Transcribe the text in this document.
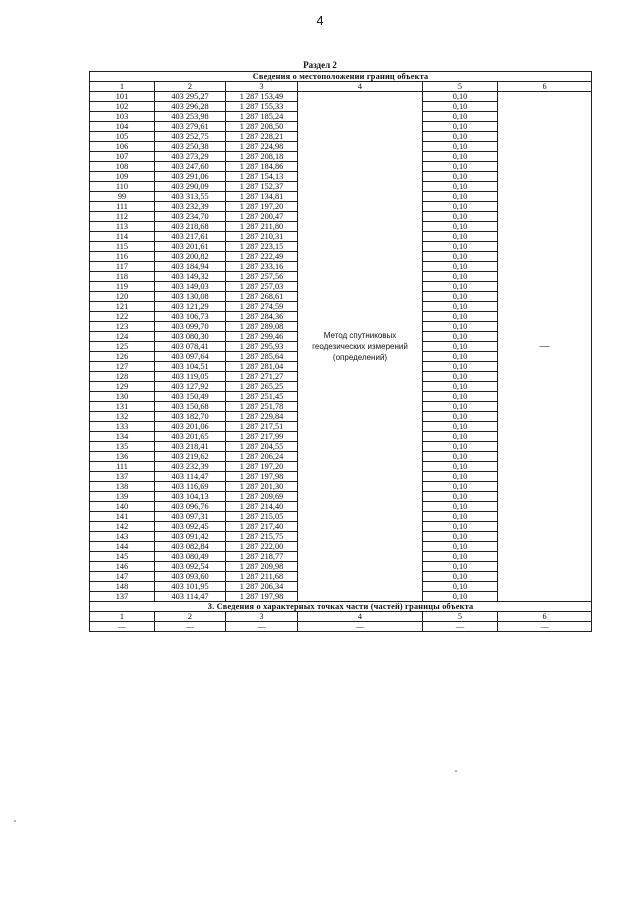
4
Раздел 2
Сведения о местоположении границ объекта					
1	2	3	4	5	6
101	403 295,27	1 287 153,49	Метод спутниковых геодезических измерений (определений)	0,10	—
102	403 296,28	1 287 155,33		0,10	
103	403 253,98	1 287 185,24		0,10	
104	403 279,61	1 287 208,50		0,10	
105	403 252,75	1 287 228,21		0,10	
106	403 250,38	1 287 224,98		0,10	
107	403 273,29	1 287 208,18		0,10	
108	403 247,60	1 287 184,86		0,10	
109	403 291,06	1 287 154,13		0,10	
110	403 290,09	1 287 152,37		0,10	
99	403 313,55	1 287 134,81		0,10	
111	403 232,39	1 287 197,20		0,10	
112	403 234,70	1 287 200,47		0,10	
113	403 218,68	1 287 211,80		0,10	
114	403 217,61	1 287 210,31		0,10	
115	403 201,61	1 287 223,15		0,10	
116	403 200,82	1 287 222,49		0,10	
117	403 184,94	1 287 233,16		0,10	
118	403 149,32	1 287 257,56		0,10	
119	403 149,03	1 287 257,03		0,10	
120	403 130,08	1 287 268,61		0,10	
121	403 121,29	1 287 274,59		0,10	
122	403 106,73	1 287 284,36		0,10	
123	403 099,70	1 287 289,08		0,10	
124	403 080,30	1 287 299,46		0,10	
125	403 078,41	1 287 295,93		0,10	
126	403 097,64	1 287 285,64		0,10	
127	403 104,51	1 287 281,04		0,10	
128	403 119,05	1 287 271,27		0,10	
129	403 127,92	1 287 265,25		0,10	
130	403 150,49	1 287 251,45		0,10	
131	403 150,68	1 287 251,78		0,10	
132	403 182,70	1 287 229,84		0,10	
133	403 201,06	1 287 217,51		0,10	
134	403 201,65	1 287 217,99		0,10	
135	403 218,41	1 287 204,55		0,10	
136	403 219,62	1 287 206,24		0,10	
111	403 232,39	1 287 197,20		0,10	
137	403 114,47	1 287 197,98		0,10	
138	403 116,69	1 287 201,30		0,10	
139	403 104,13	1 287 209,69		0,10	
140	403 096,76	1 287 214,40		0,10	
141	403 097,31	1 287 215,05		0,10	
142	403 092,45	1 287 217,40		0,10	
143	403 091,42	1 287 215,75		0,10	
144	403 082,84	1 287 222,00		0,10	
145	403 080,49	1 287 218,77		0,10	
146	403 092,54	1 287 209,98		0,10	
147	403 093,60	1 287 211,68		0,10	
148	403 101,95	1 287 206,34		0,10	
137	403 114,47	1 287 197,98		0,10	
3. Сведения о характерных точках части (частей) границы объекта					
1	2	3	4	5	6
—	—	—	—	—	—
